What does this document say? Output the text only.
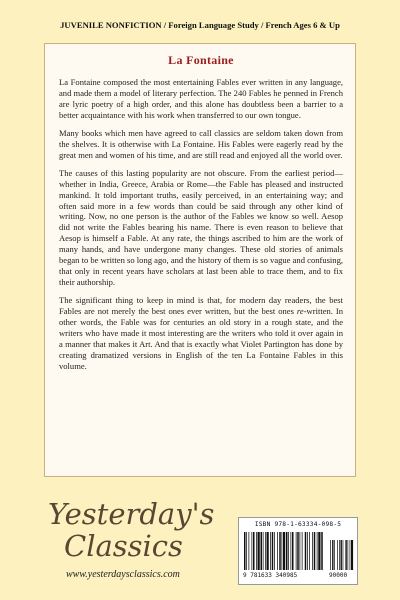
JUVENILE NONFICTION / Foreign Language Study / French Ages 6 & Up
La Fontaine

La Fontaine composed the most entertaining Fables ever written in any language, and made them a model of literary perfection. The 240 Fables he penned in French are lyric poetry of a high order, and this alone has doubtless been a barrier to a better acquaintance with his work when transferred to our own tongue.

Many books which men have agreed to call classics are seldom taken down from the shelves. It is otherwise with La Fontaine. His Fables were eagerly read by the great men and women of his time, and are still read and enjoyed all the world over.

The causes of this lasting popularity are not obscure. From the earliest period—whether in India, Greece, Arabia or Rome—the Fable has pleased and instructed mankind. It told important truths, easily perceived, in an entertaining way; and often said more in a few words than could be said through any other kind of writing. Now, no one person is the author of the Fables we know so well. Aesop did not write the Fables bearing his name. There is even reason to believe that Aesop is himself a Fable. At any rate, the things ascribed to him are the work of many hands, and have undergone many changes. These old stories of animals began to be written so long ago, and the history of them is so vague and confusing, that only in recent years have scholars at last been able to trace them, and to fix their authorship.

The significant thing to keep in mind is that, for modern day readers, the best Fables are not merely the best ones ever written, but the best ones re-written. In other words, the Fable was for centuries an old story in a rough state, and the writers who have made it most interesting are the writers who told it over again in a manner that makes it Art. And that is exactly what Violet Partington has done by creating dramatized versions in English of the ten La Fontaine Fables in this volume.

Yesterday's
Classics
www.yesterdaysclassics.com
ISBN 978-1-63334-098-5
9 781633 340985	90000
